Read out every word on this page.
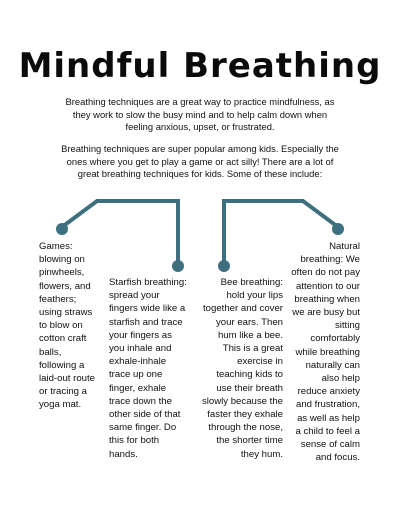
Mindful Breathing

Breathing techniques are a great way to practice mindfulness, as they work to slow the busy mind and to help calm down when feeling anxious, upset, or frustrated.

Breathing techniques are super popular among kids. Especially the ones where you get to play a game or act silly! There are a lot of great breathing techniques for kids. Some of these include:

Games: blowing on pinwheels, flowers, and feathers; using straws to blow on cotton craft balls, following a laid-out route or tracing a yoga mat.

Starfish breathing: spread your fingers wide like a starfish and trace your fingers as you inhale and exhale-inhale trace up one finger, exhale trace down the other side of that same finger. Do this for both hands.

Bee breathing: hold your lips together and cover your ears. Then hum like a bee. This is a great exercise in teaching kids to use their breath slowly because the faster they exhale through the nose, the shorter time they hum.

Natural breathing: We often do not pay attention to our breathing when we are busy but sitting comfortably while breathing naturally can also help reduce anxiety and frustration, as well as help a child to feel a sense of calm and focus.
